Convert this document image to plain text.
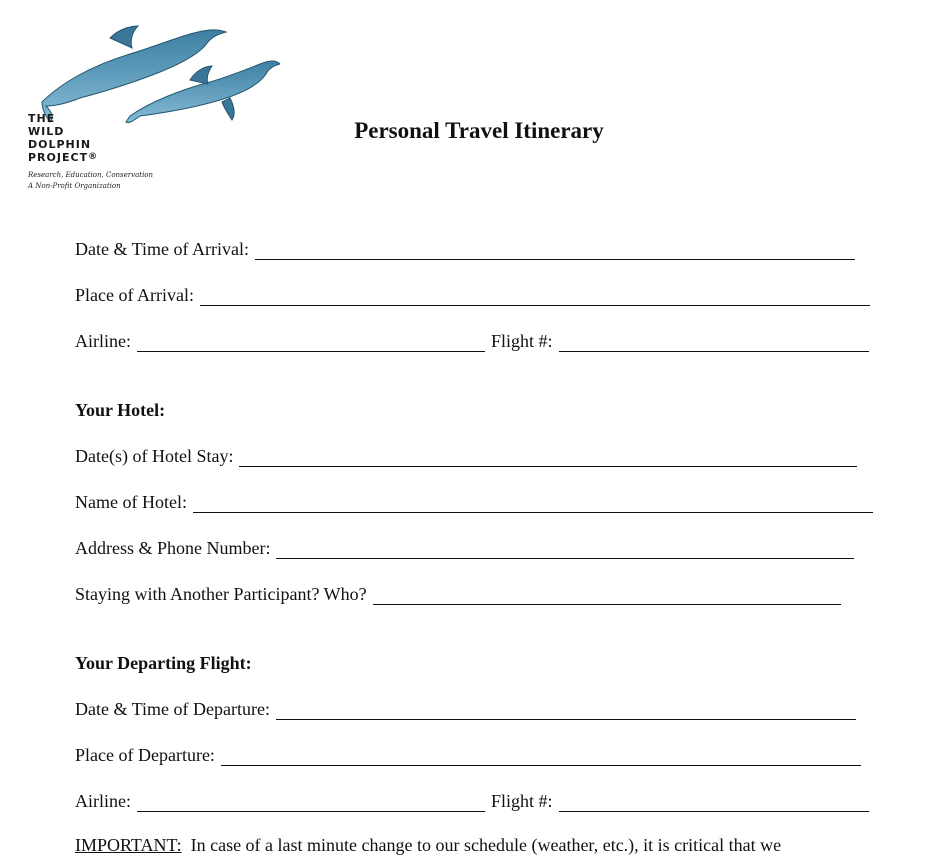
THE
WILD
DOLPHIN
PROJECT®
Research, Education, Conservation
A Non-Profit Organization
Personal Travel Itinerary
Date & Time of Arrival:
Place of Arrival:
Airline:	Flight #:
Your Hotel:
Date(s) of Hotel Stay:
Name of Hotel:
Address & Phone Number:
Staying with Another Participant? Who?
Your Departing Flight:
Date & Time of Departure:
Place of Departure:
Airline:	Flight #:
IMPORTANT: In case of a last minute change to our schedule (weather, etc.), it is critical that we
